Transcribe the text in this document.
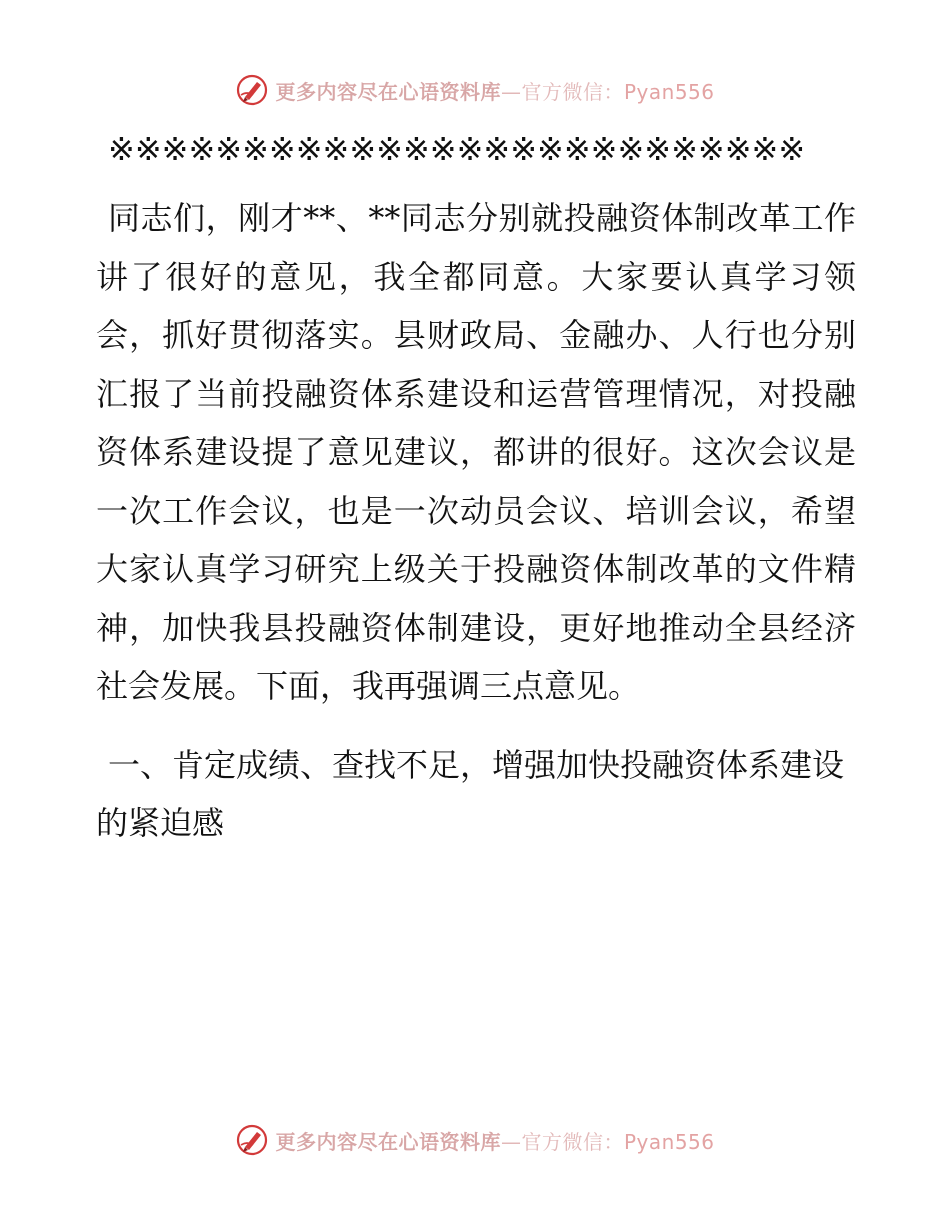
更多内容尽在心语资料库—官方微信：Pyan556

※※※※※※※※※※※※※※※※※※※※※※※※※※

同志们，刚才**、**同志分别就投融资体制改革工作讲了很好的意见，我全都同意。大家要认真学习领会，抓好贯彻落实。县财政局、金融办、人行也分别汇报了当前投融资体系建设和运营管理情况，对投融资体系建设提了意见建议，都讲的很好。这次会议是一次工作会议，也是一次动员会议、培训会议，希望大家认真学习研究上级关于投融资体制改革的文件精神，加快我县投融资体制建设，更好地推动全县经济社会发展。下面，我再强调三点意见。

一、肯定成绩、查找不足，增强加快投融资体系建设的紧迫感

更多内容尽在心语资料库—官方微信：Pyan556
